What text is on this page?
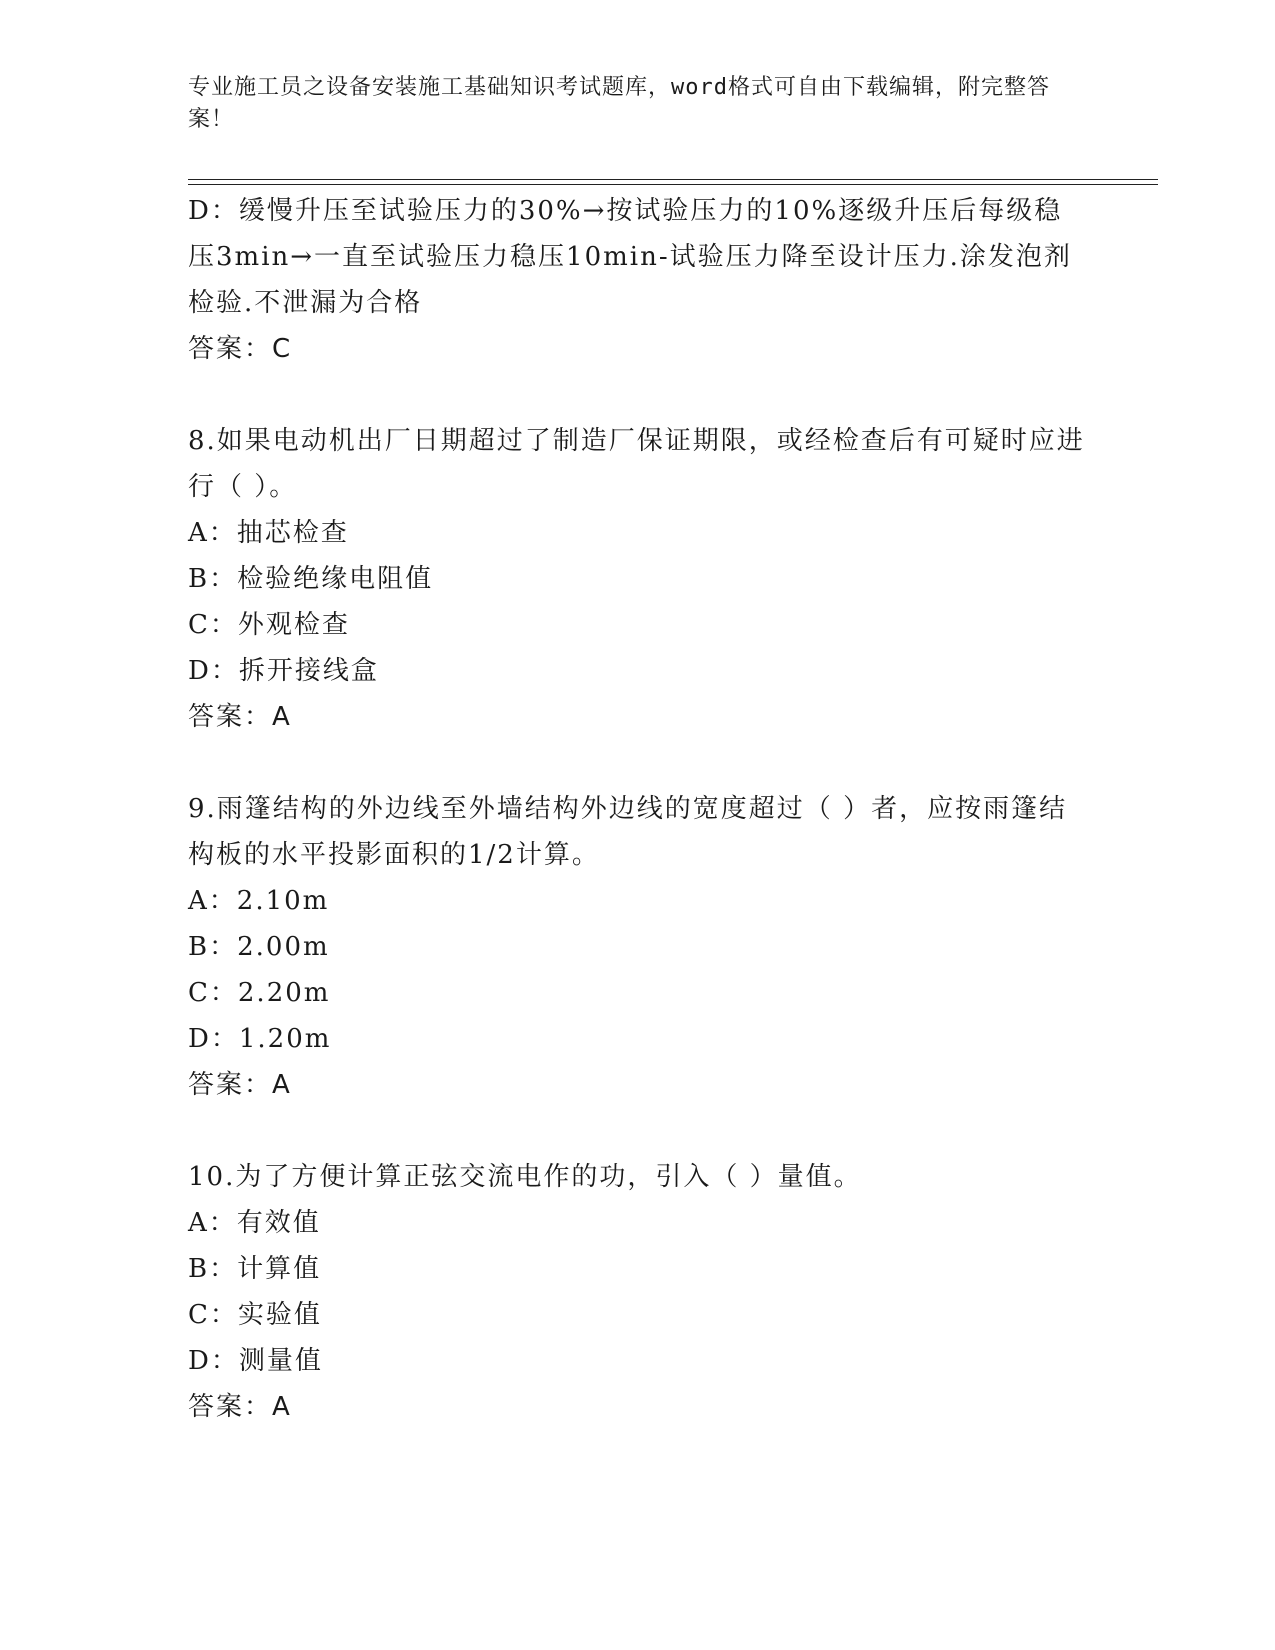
专业施工员之设备安装施工基础知识考试题库，word格式可自由下载编辑，附完整答案！
D：缓慢升压至试验压力的30%→按试验压力的10%逐级升压后每级稳压3min→一直至试验压力稳压10min-试验压力降至设计压力.涂发泡剂检验.不泄漏为合格
答案：C
8.如果电动机出厂日期超过了制造厂保证期限，或经检查后有可疑时应进行（ ）。
A：抽芯检查
B：检验绝缘电阻值
C：外观检查
D：拆开接线盒
答案：A
9.雨篷结构的外边线至外墙结构外边线的宽度超过（ ）者，应按雨篷结构板的水平投影面积的1/2计算。
A：2.10m
B：2.00m
C：2.20m
D：1.20m
答案：A
10.为了方便计算正弦交流电作的功，引入（ ）量值。
A：有效值
B：计算值
C：实验值
D：测量值
答案：A
